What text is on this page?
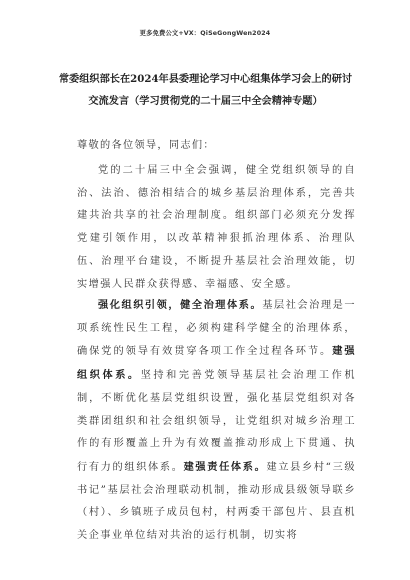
更多免费公文+VX：QiSeGongWen2024
常委组织部长在2024年县委理论学习中心组集体学习会上的研讨交流发言（学习贯彻党的二十届三中全会精神专题）
尊敬的各位领导，同志们：

党的二十届三中全会强调，健全党组织领导的自治、法治、德治相结合的城乡基层治理体系，完善共建共治共享的社会治理制度。组织部门必须充分发挥党建引领作用，以改革精神狠抓治理体系、治理队伍、治理平台建设，不断提升基层社会治理效能，切实增强人民群众获得感、幸福感、安全感。

强化组织引领，健全治理体系。基层社会治理是一项系统性民生工程，必须构建科学健全的治理体系，确保党的领导有效贯穿各项工作全过程各环节。建强组织体系。坚持和完善党领导基层社会治理工作机制，不断优化基层党组织设置，强化基层党组织对各类群团组织和社会组织领导，让党组织对城乡治理工作的有形覆盖上升为有效覆盖推动形成上下贯通、执行有力的组织体系。建强责任体系。建立县乡村“三级书记”基层社会治理联动机制，推动形成县级领导联乡（村）、乡镇班子成员包村，村两委干部包片、县直机关企事业单位结对共治的运行机制，切实将
